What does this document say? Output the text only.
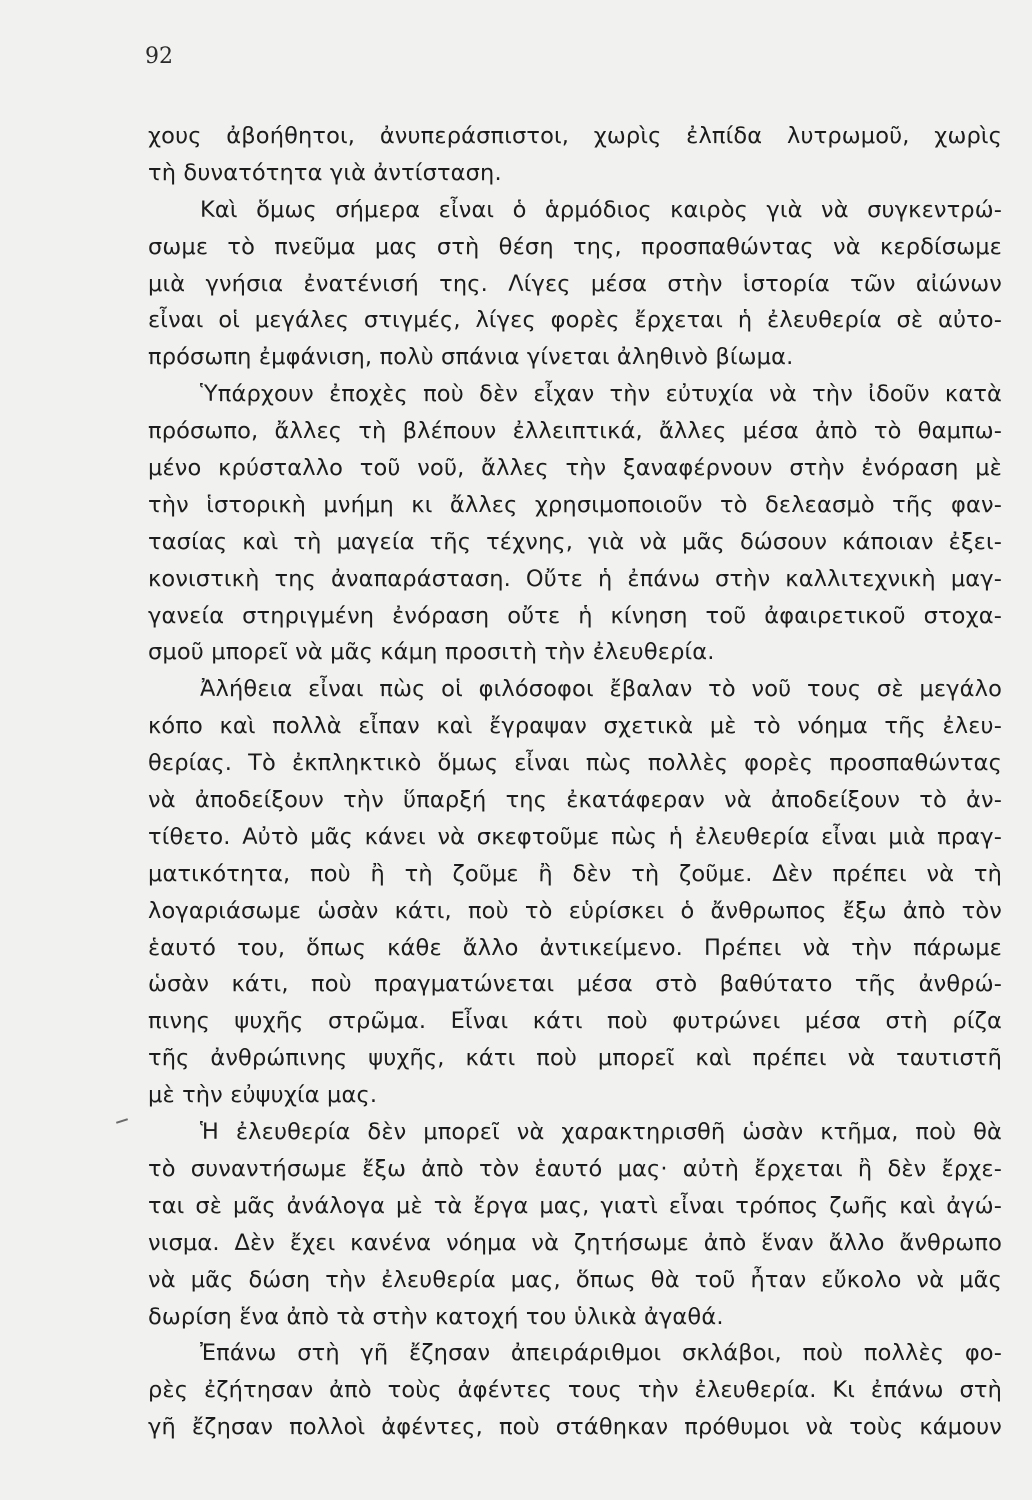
92
χους ἀβοήθητοι, ἀνυπεράσπιστοι, χωρὶς ἐλπίδα λυτρωμοῦ, χωρὶς
τὴ δυνατότητα γιὰ ἀντίσταση.
Καὶ ὅμως σήμερα εἶναι ὁ ἁρμόδιος καιρὸς γιὰ νὰ συγκεντρώ-
σωμε τὸ πνεῦμα μας στὴ θέση της, προσπαθώντας νὰ κερδίσωμε
μιὰ γνήσια ἐνατένισή της. Λίγες μέσα στὴν ἱστορία τῶν αἰώνων
εἶναι οἱ μεγάλες στιγμές, λίγες φορὲς ἔρχεται ἡ ἐλευθερία σὲ αὐτο-
πρόσωπη ἐμφάνιση, πολὺ σπάνια γίνεται ἀληθινὸ βίωμα.
Ὑπάρχουν ἐποχὲς ποὺ δὲν εἶχαν τὴν εὐτυχία νὰ τὴν ἰδοῦν κατὰ
πρόσωπο, ἄλλες τὴ βλέπουν ἐλλειπτικά, ἄλλες μέσα ἀπὸ τὸ θαμπω-
μένο κρύσταλλο τοῦ νοῦ, ἄλλες τὴν ξαναφέρνουν στὴν ἐνόραση μὲ
τὴν ἱστορικὴ μνήμη κι ἄλλες χρησιμοποιοῦν τὸ δελεασμὸ τῆς φαν-
τασίας καὶ τὴ μαγεία τῆς τέχνης, γιὰ νὰ μᾶς δώσουν κάποιαν ἐξει-
κονιστικὴ της ἀναπαράσταση. Οὔτε ἡ ἐπάνω στὴν καλλιτεχνικὴ μαγ-
γανεία στηριγμένη ἐνόραση οὔτε ἡ κίνηση τοῦ ἀφαιρετικοῦ στοχα-
σμοῦ μπορεῖ νὰ μᾶς κάμη προσιτὴ τὴν ἐλευθερία.
Ἀλήθεια εἶναι πὼς οἱ φιλόσοφοι ἔβαλαν τὸ νοῦ τους σὲ μεγάλο
κόπο καὶ πολλὰ εἶπαν καὶ ἔγραψαν σχετικὰ μὲ τὸ νόημα τῆς ἐλευ-
θερίας. Τὸ ἐκπληκτικὸ ὅμως εἶναι πὼς πολλὲς φορὲς προσπαθώντας
νὰ ἀποδείξουν τὴν ὕπαρξή της ἐκατάφεραν νὰ ἀποδείξουν τὸ ἀν-
τίθετο. Αὐτὸ μᾶς κάνει νὰ σκεφτοῦμε πὼς ἡ ἐλευθερία εἶναι μιὰ πραγ-
ματικότητα, ποὺ ἢ τὴ ζοῦμε ἢ δὲν τὴ ζοῦμε. Δὲν πρέπει νὰ τὴ
λογαριάσωμε ὡσὰν κάτι, ποὺ τὸ εὑρίσκει ὁ ἄνθρωπος ἔξω ἀπὸ τὸν
ἑαυτό του, ὅπως κάθε ἄλλο ἀντικείμενο. Πρέπει νὰ τὴν πάρωμε
ὡσὰν κάτι, ποὺ πραγματώνεται μέσα στὸ βαθύτατο τῆς ἀνθρώ-
πινης ψυχῆς στρῶμα. Εἶναι κάτι ποὺ φυτρώνει μέσα στὴ ρίζα
τῆς ἀνθρώπινης ψυχῆς, κάτι ποὺ μπορεῖ καὶ πρέπει νὰ ταυτιστῆ
μὲ τὴν εὐψυχία μας.
Ἡ ἐλευθερία δὲν μπορεῖ νὰ χαρακτηρισθῆ ὡσὰν κτῆμα, ποὺ θὰ
τὸ συναντήσωμε ἔξω ἀπὸ τὸν ἑαυτό μας· αὐτὴ ἔρχεται ἢ δὲν ἔρχε-
ται σὲ μᾶς ἀνάλογα μὲ τὰ ἔργα μας, γιατὶ εἶναι τρόπος ζωῆς καὶ ἀγώ-
νισμα. Δὲν ἔχει κανένα νόημα νὰ ζητήσωμε ἀπὸ ἕναν ἄλλο ἄνθρωπο
νὰ μᾶς δώση τὴν ἐλευθερία μας, ὅπως θὰ τοῦ ἦταν εὔκολο νὰ μᾶς
δωρίση ἕνα ἀπὸ τὰ στὴν κατοχή του ὑλικὰ ἀγαθά.
Ἐπάνω στὴ γῆ ἔζησαν ἀπειράριθμοι σκλάβοι, ποὺ πολλὲς φο-
ρὲς ἐζήτησαν ἀπὸ τοὺς ἀφέντες τους τὴν ἐλευθερία. Κι ἐπάνω στὴ
γῆ ἔζησαν πολλοὶ ἀφέντες, ποὺ στάθηκαν πρόθυμοι νὰ τοὺς κάμουν
